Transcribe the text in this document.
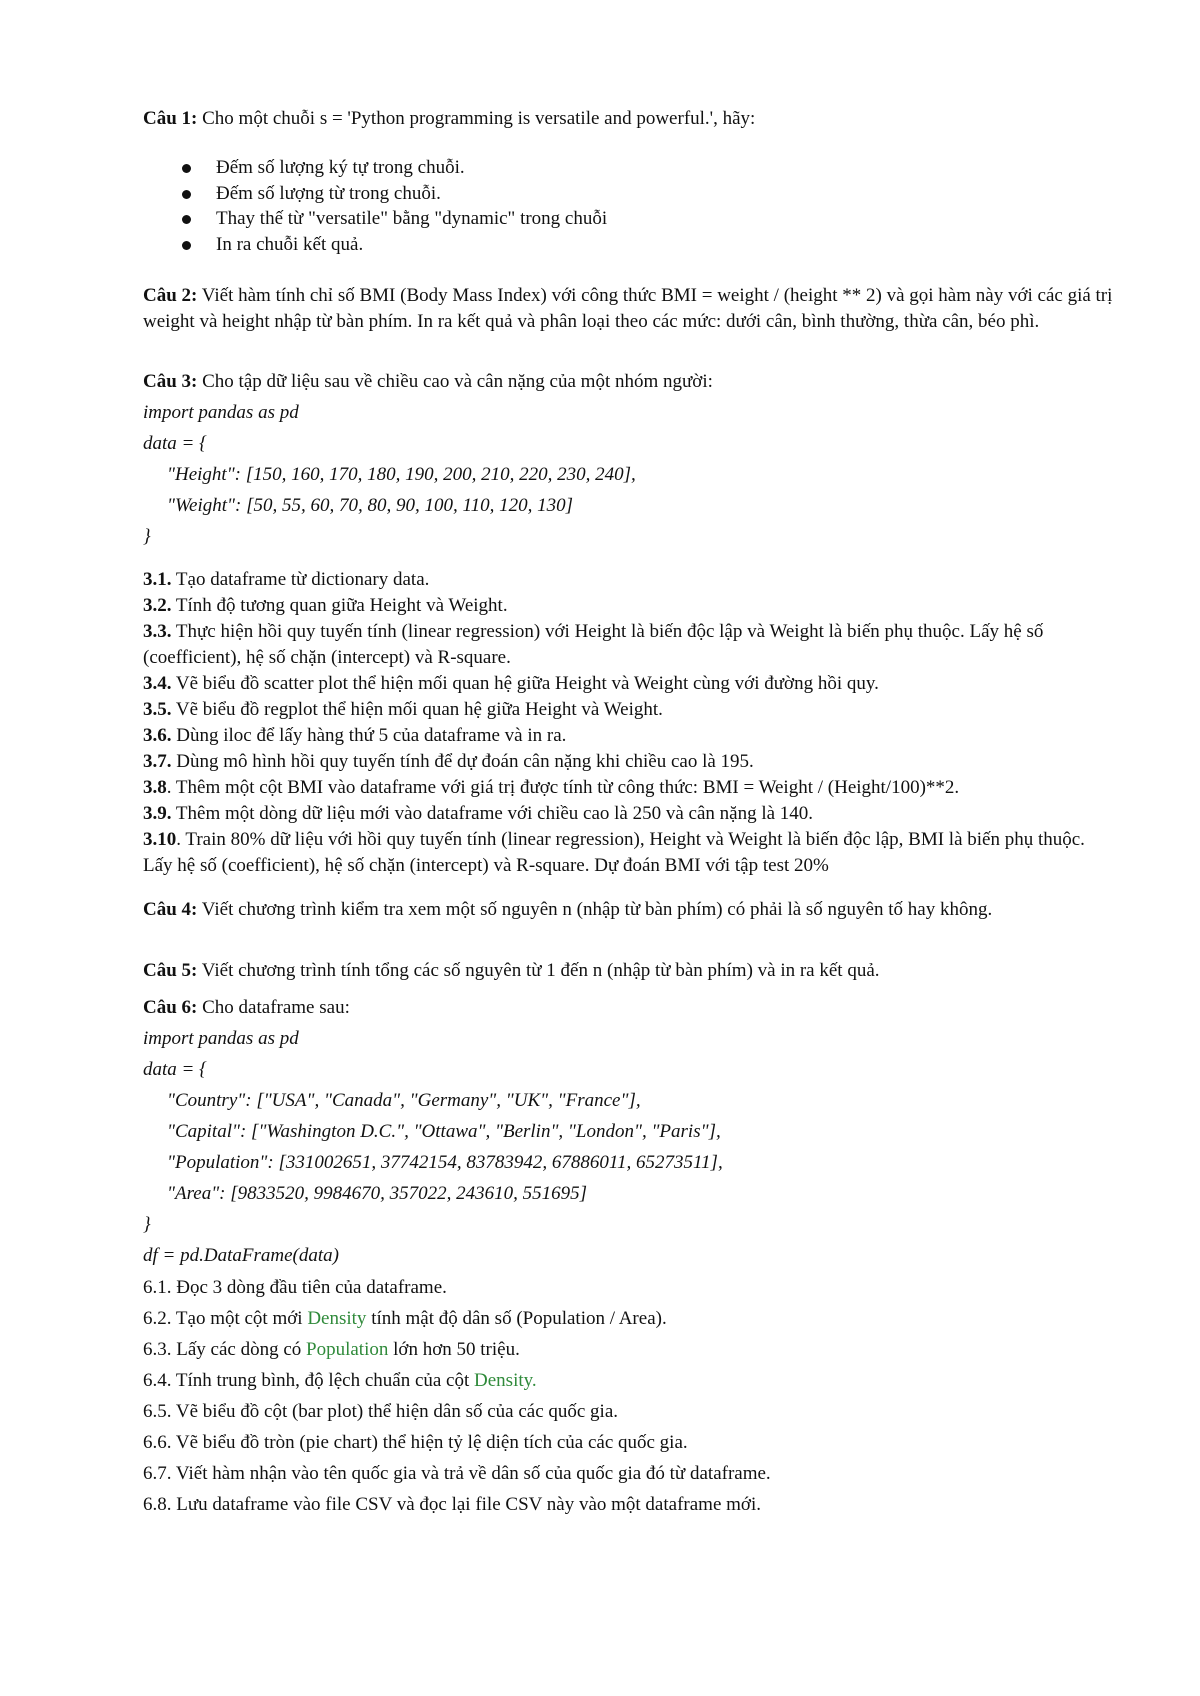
Câu 1: Cho một chuỗi s = 'Python programming is versatile and powerful.', hãy:
Đếm số lượng ký tự trong chuỗi.
Đếm số lượng từ trong chuỗi.
Thay thế từ "versatile" bằng "dynamic" trong chuỗi
In ra chuỗi kết quả.
Câu 2: Viết hàm tính chỉ số BMI (Body Mass Index) với công thức BMI = weight / (height ** 2) và gọi hàm này với các giá trị weight và height nhập từ bàn phím. In ra kết quả và phân loại theo các mức: dưới cân, bình thường, thừa cân, béo phì.
Câu 3: Cho tập dữ liệu sau về chiều cao và cân nặng của một nhóm người:
import pandas as pd
data = {
"Height": [150, 160, 170, 180, 190, 200, 210, 220, 230, 240],
"Weight": [50, 55, 60, 70, 80, 90, 100, 110, 120, 130]
}
3.1. Tạo dataframe từ dictionary data.
3.2. Tính độ tương quan giữa Height và Weight.
3.3. Thực hiện hồi quy tuyến tính (linear regression) với Height là biến độc lập và Weight là biến phụ thuộc. Lấy hệ số (coefficient), hệ số chặn (intercept) và R-square.
3.4. Vẽ biểu đồ scatter plot thể hiện mối quan hệ giữa Height và Weight cùng với đường hồi quy.
3.5. Vẽ biểu đồ regplot thể hiện mối quan hệ giữa Height và Weight.
3.6. Dùng iloc để lấy hàng thứ 5 của dataframe và in ra.
3.7. Dùng mô hình hồi quy tuyến tính để dự đoán cân nặng khi chiều cao là 195.
3.8. Thêm một cột BMI vào dataframe với giá trị được tính từ công thức: BMI = Weight / (Height/100)**2.
3.9. Thêm một dòng dữ liệu mới vào dataframe với chiều cao là 250 và cân nặng là 140.
3.10. Train 80% dữ liệu với hồi quy tuyến tính (linear regression), Height và Weight là biến độc lập, BMI là biến phụ thuộc. Lấy hệ số (coefficient), hệ số chặn (intercept) và R-square. Dự đoán BMI với tập test 20%
Câu 4: Viết chương trình kiểm tra xem một số nguyên n (nhập từ bàn phím) có phải là số nguyên tố hay không.
Câu 5: Viết chương trình tính tổng các số nguyên từ 1 đến n (nhập từ bàn phím) và in ra kết quả.
Câu 6: Cho dataframe sau:
import pandas as pd
data = {
"Country": ["USA", "Canada", "Germany", "UK", "France"],
"Capital": ["Washington D.C.", "Ottawa", "Berlin", "London", "Paris"],
"Population": [331002651, 37742154, 83783942, 67886011, 65273511],
"Area": [9833520, 9984670, 357022, 243610, 551695]
}
df = pd.DataFrame(data)
6.1. Đọc 3 dòng đầu tiên của dataframe.
6.2. Tạo một cột mới Density tính mật độ dân số (Population / Area).
6.3. Lấy các dòng có Population lớn hơn 50 triệu.
6.4. Tính trung bình, độ lệch chuẩn của cột Density.
6.5. Vẽ biểu đồ cột (bar plot) thể hiện dân số của các quốc gia.
6.6. Vẽ biểu đồ tròn (pie chart) thể hiện tỷ lệ diện tích của các quốc gia.
6.7. Viết hàm nhận vào tên quốc gia và trả về dân số của quốc gia đó từ dataframe.
6.8. Lưu dataframe vào file CSV và đọc lại file CSV này vào một dataframe mới.
